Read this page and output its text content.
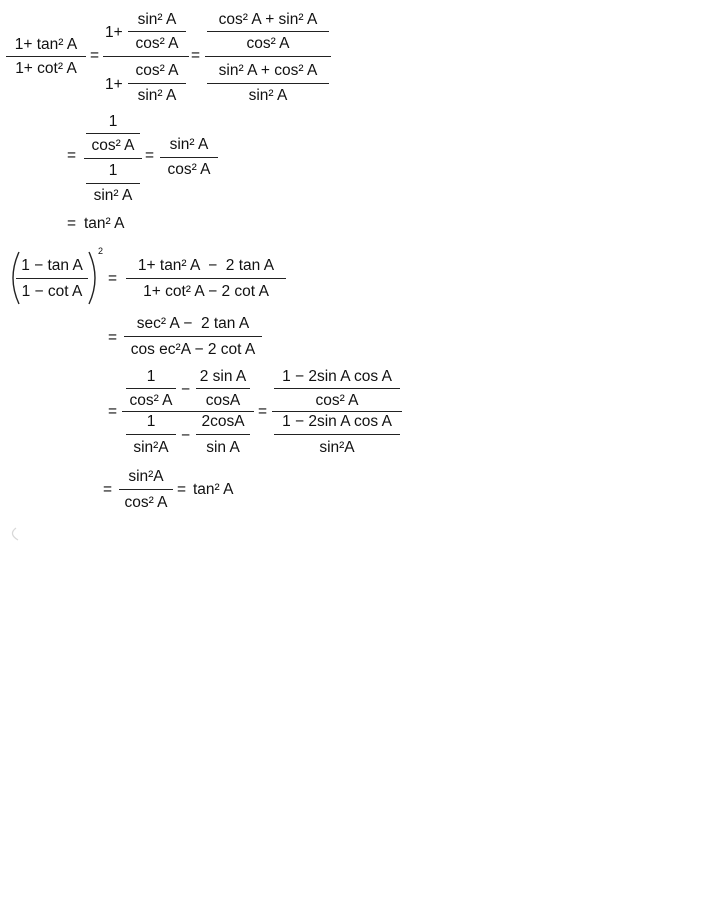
1+ tan² A
1+ cot² A
=
1+
sin² A
cos² A
1+
cos² A
sin² A
=
cos² A + sin² A
cos² A
sin² A + cos² A
sin² A
=
1
cos² A
1
sin² A
=
sin² A
cos² A
= tan² A
1 − tan A
1 − cot A
2
=
1+ tan² A  −  2 tan A
1+ cot² A − 2 cot A
=
sec² A −  2 tan A
cos ec²A − 2 cot A
=
1
cos² A
−
2 sin A
cosA
1
sin²A
−
2cosA
sin A
=
1 − 2sin A cos A
cos² A
1 − 2sin A cos A
sin²A
=
sin²A
cos² A
= tan² A
